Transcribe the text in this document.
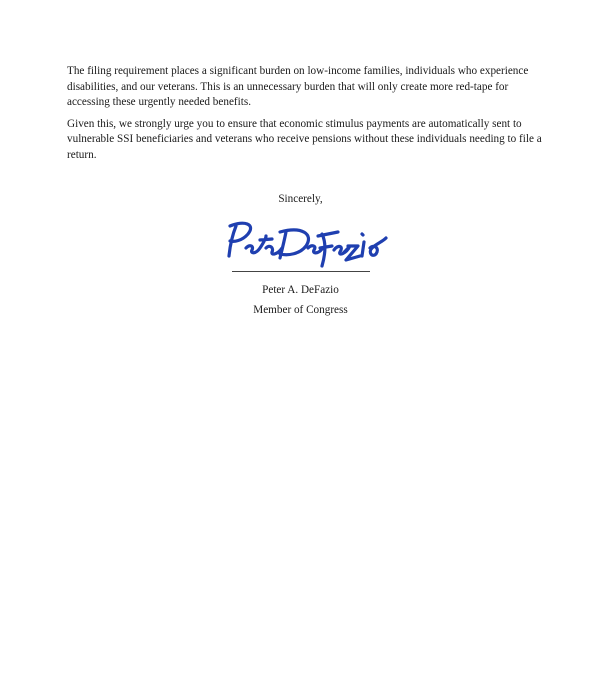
The filing requirement places a significant burden on low-income families, individuals who experience disabilities, and our veterans. This is an unnecessary burden that will only create more red-tape for accessing these urgently needed benefits.

Given this, we strongly urge you to ensure that economic stimulus payments are automatically sent to vulnerable SSI beneficiaries and veterans who receive pensions without these individuals needing to file a return.

Sincerely,
Peter A. DeFazio
Member of Congress
